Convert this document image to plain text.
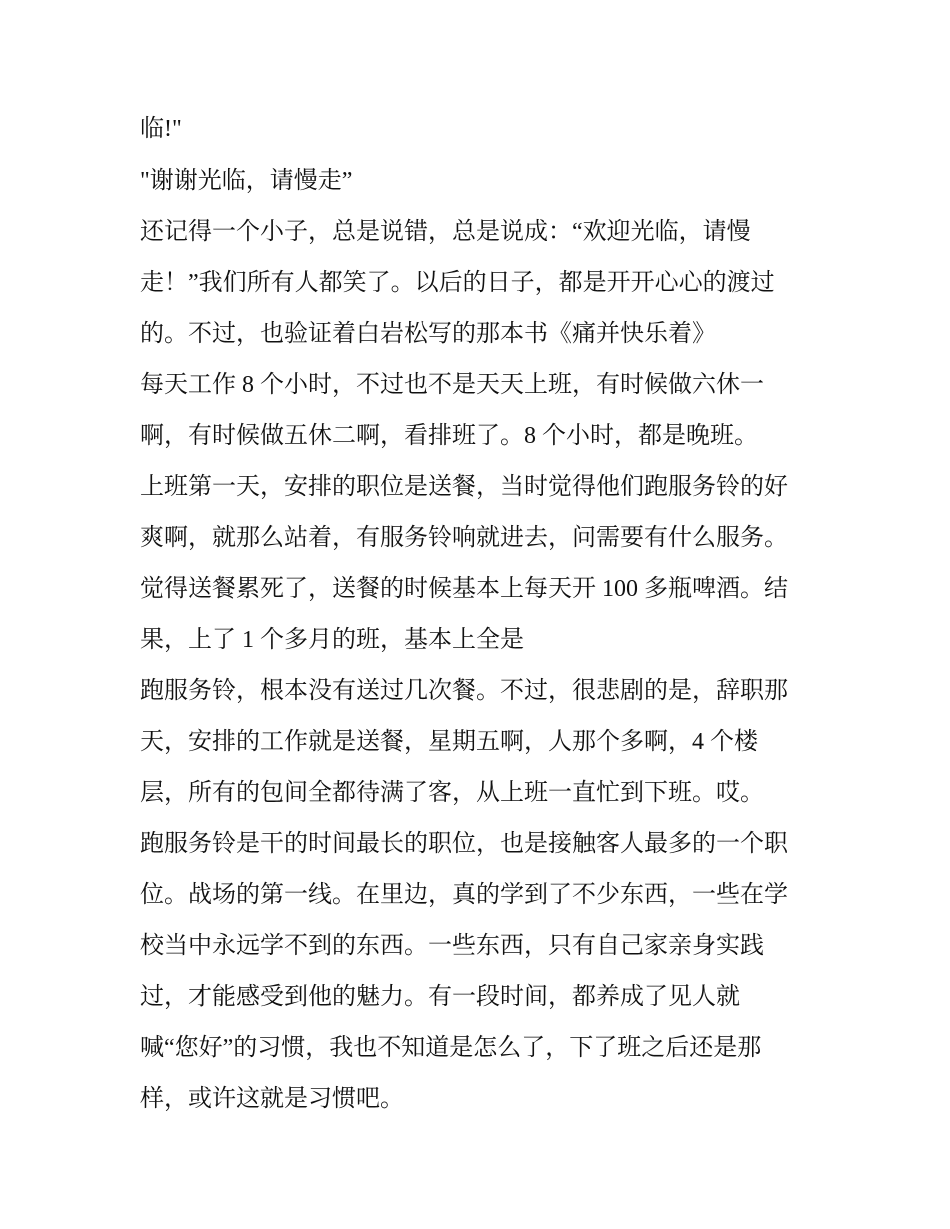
临!"

"谢谢光临，请慢走”

还记得一个小子，总是说错，总是说成：“欢迎光临，请慢

走！”我们所有人都笑了。以后的日子，都是开开心心的渡过

的。不过，也验证着白岩松写的那本书《痛并快乐着》

每天工作 8 个小时，不过也不是天天上班，有时候做六休一

啊，有时候做五休二啊，看排班了。8 个小时，都是晚班。

上班第一天，安排的职位是送餐，当时觉得他们跑服务铃的好

爽啊，就那么站着，有服务铃响就进去，问需要有什么服务。

觉得送餐累死了，送餐的时候基本上每天开 100 多瓶啤酒。结

果，上了 1 个多月的班，基本上全是

跑服务铃，根本没有送过几次餐。不过，很悲剧的是，辞职那

天，安排的工作就是送餐，星期五啊，人那个多啊，4 个楼

层，所有的包间全都待满了客，从上班一直忙到下班。哎。

跑服务铃是干的时间最长的职位，也是接触客人最多的一个职

位。战场的第一线。在里边，真的学到了不少东西，一些在学

校当中永远学不到的东西。一些东西，只有自己家亲身实践

过，才能感受到他的魅力。有一段时间，都养成了见人就

喊“您好”的习惯，我也不知道是怎么了，下了班之后还是那

样，或许这就是习惯吧。
